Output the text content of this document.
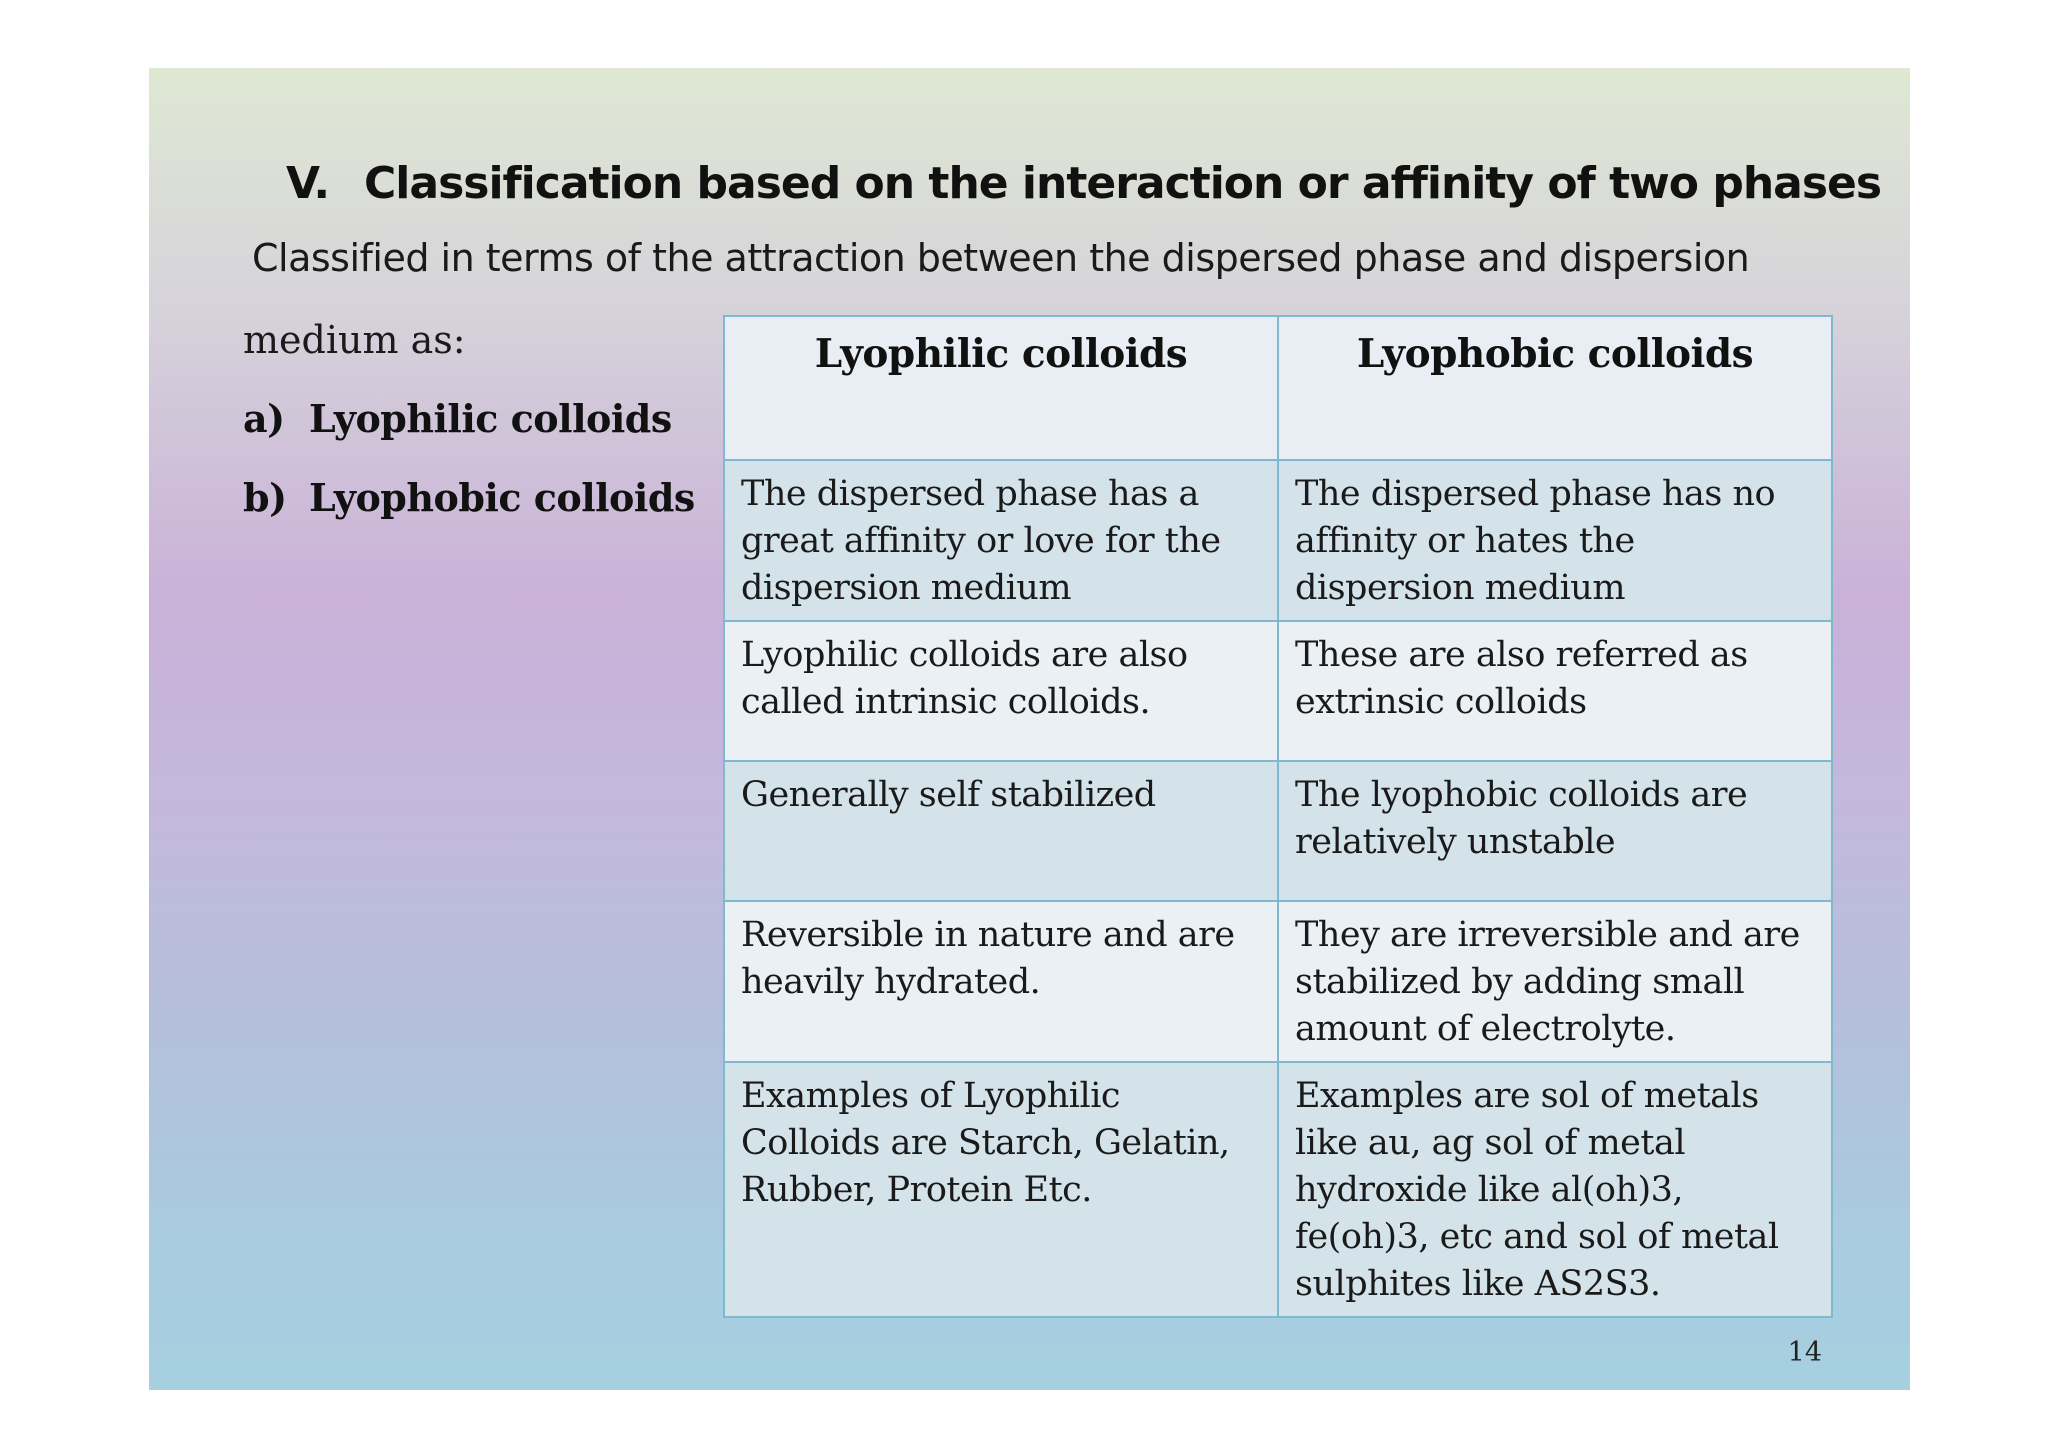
V. Classification based on the interaction or affinity of two phases
Classified in terms of the attraction between the dispersed phase and dispersion
medium as:
a) Lyophilic colloids
b) Lyophobic colloids
Lyophilic colloids	Lyophobic colloids
The dispersed phase has a great affinity or love for the dispersion medium	The dispersed phase has no affinity or hates the dispersion medium
Lyophilic colloids are also called intrinsic colloids.	These are also referred as extrinsic colloids
Generally self stabilized	The lyophobic colloids are relatively unstable
Reversible in nature and are heavily hydrated.	They are irreversible and are stabilized by adding small amount of electrolyte.
Examples of Lyophilic Colloids are Starch, Gelatin, Rubber, Protein Etc.	Examples are sol of metals like au, ag sol of metal hydroxide like al(oh)3, fe(oh)3, etc and sol of metal sulphites like AS2S3.
14
